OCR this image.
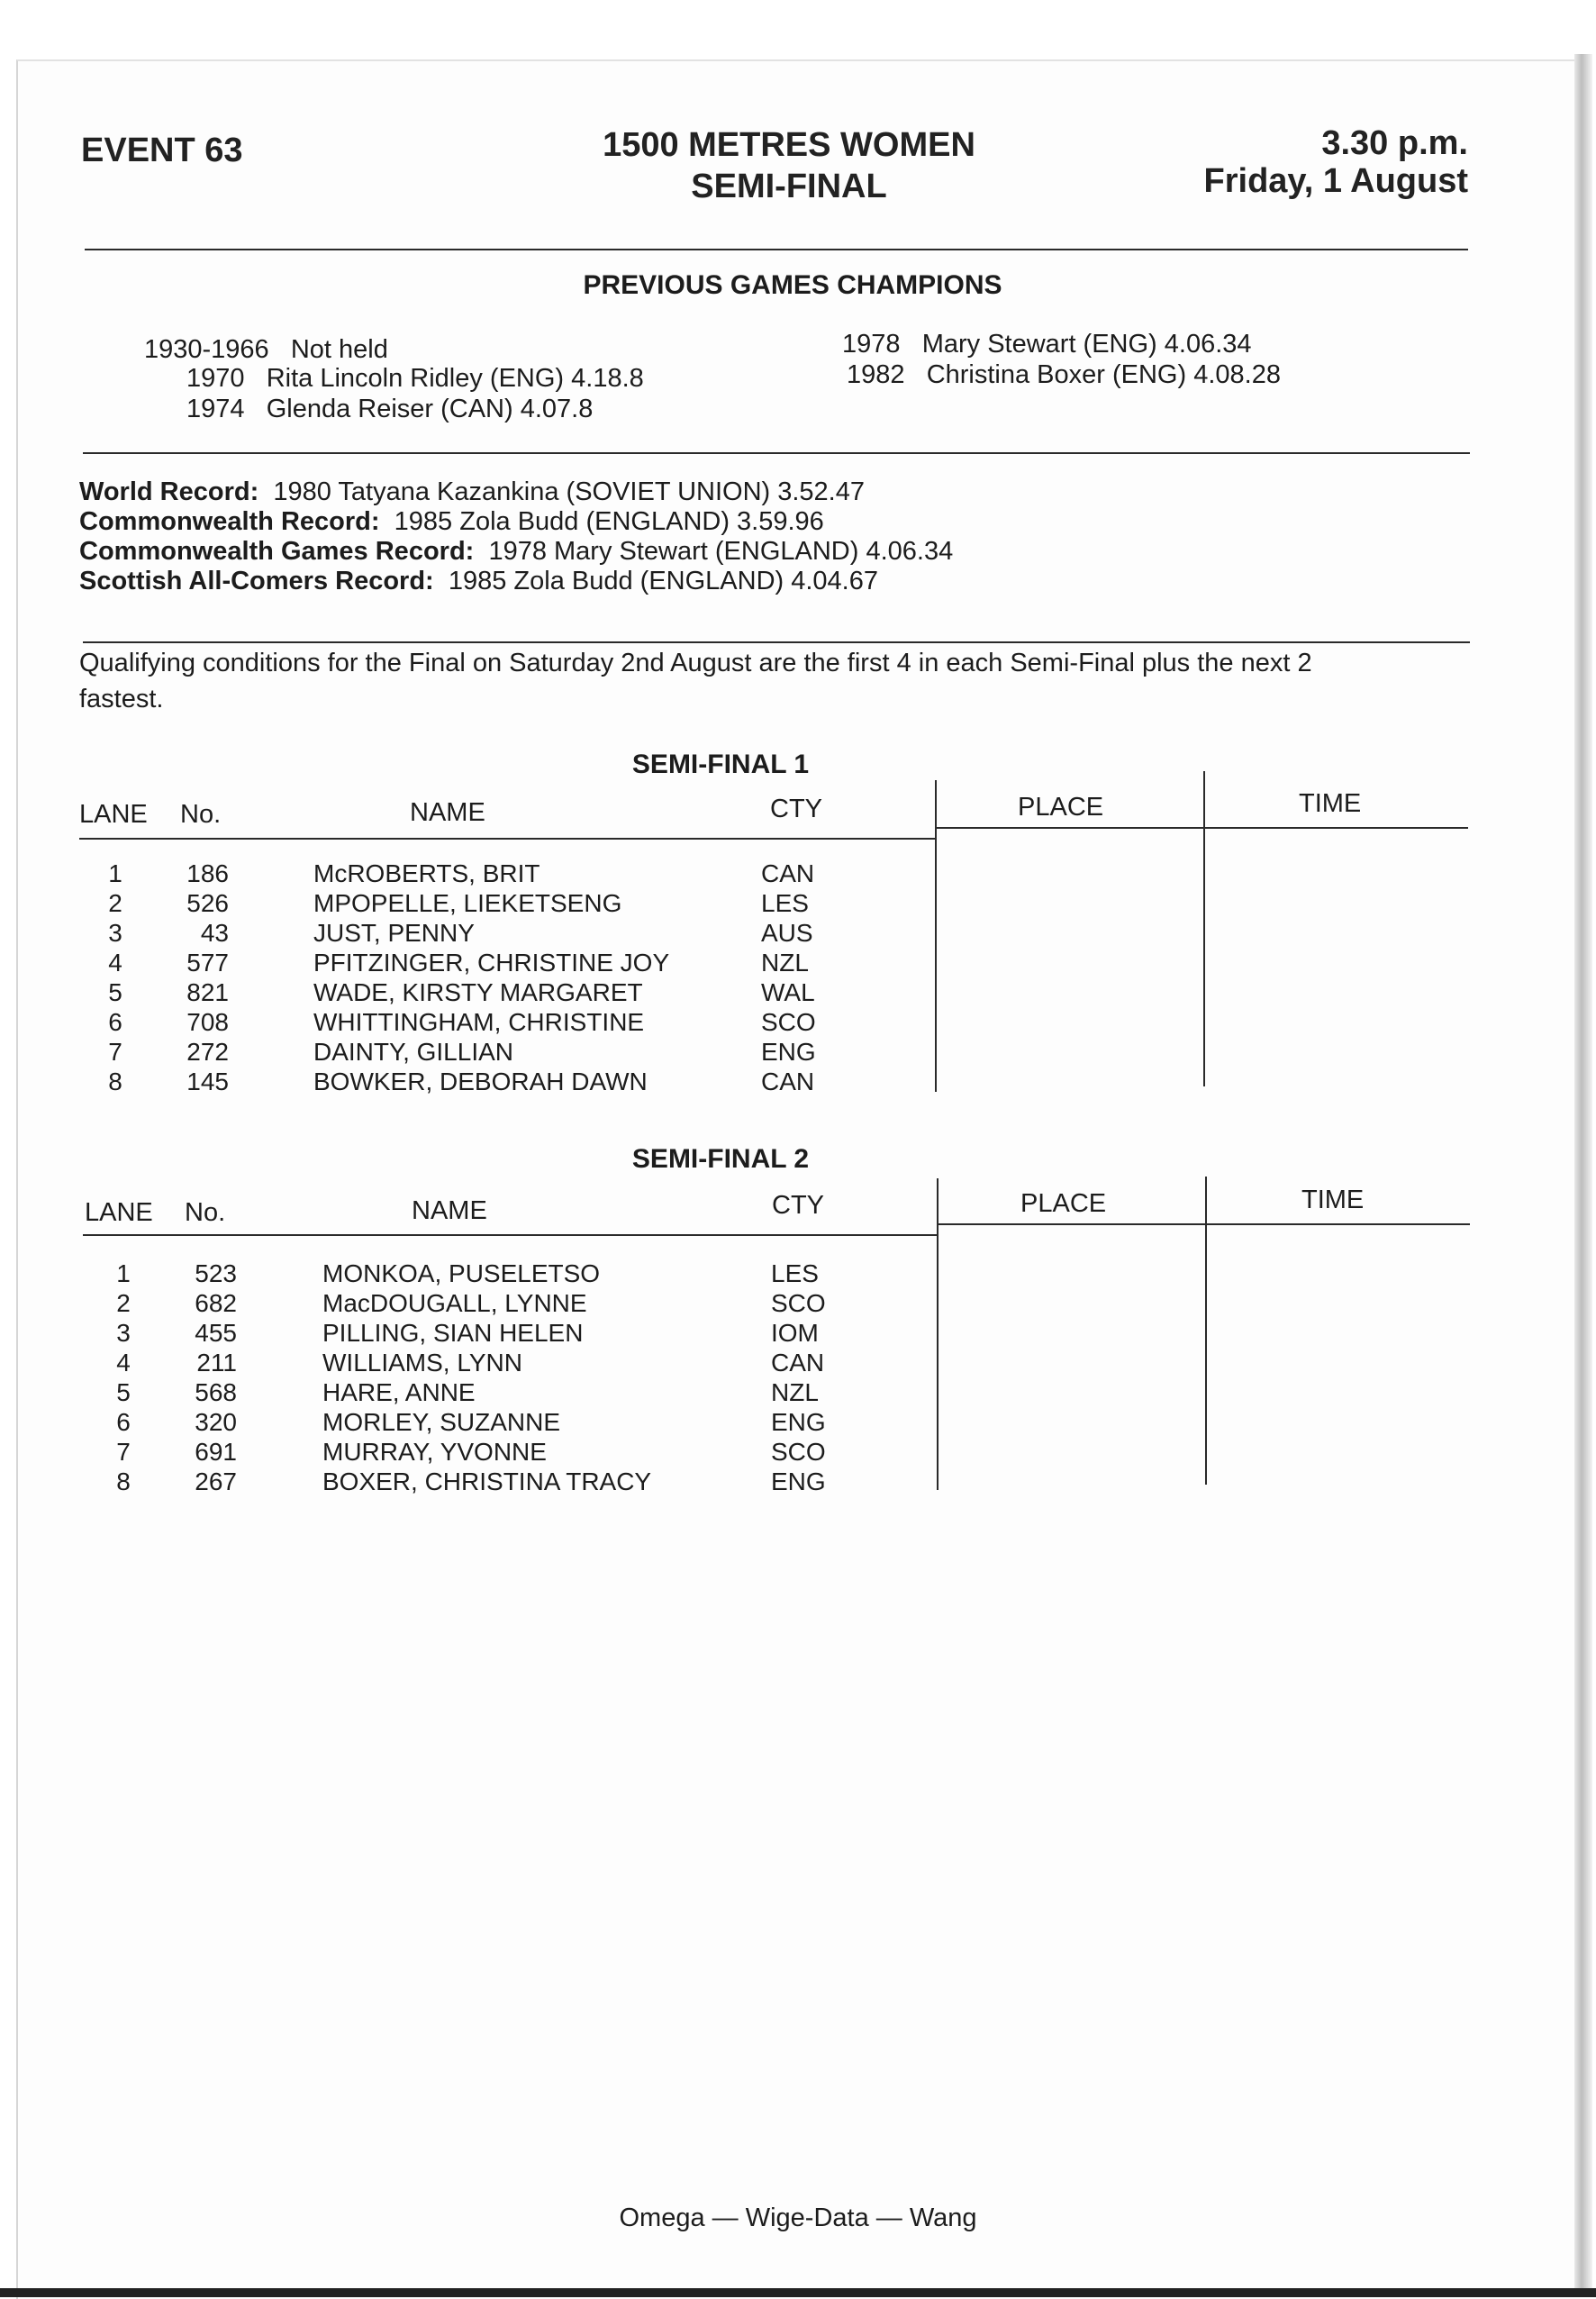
EVENT 63	1500 METRES WOMEN
SEMI-FINAL
3.30 p.m.
Friday, 1 August
PREVIOUS GAMES CHAMPIONS
1930-1966 Not held
1970 Rita Lincoln Ridley (ENG) 4.18.8
1974 Glenda Reiser (CAN) 4.07.8
1978 Mary Stewart (ENG) 4.06.34
1982 Christina Boxer (ENG) 4.08.28
World Record: 1980 Tatyana Kazankina (SOVIET UNION) 3.52.47
Commonwealth Record: 1985 Zola Budd (ENGLAND) 3.59.96
Commonwealth Games Record: 1978 Mary Stewart (ENGLAND) 4.06.34
Scottish All-Comers Record: 1985 Zola Budd (ENGLAND) 4.04.67
Qualifying conditions for the Final on Saturday 2nd August are the first 4 in each Semi-Final plus the next 2
fastest.
SEMI-FINAL 1
LANE No.	NAME	CTY	PLACE	TIME
1	186	McROBERTS, BRIT	CAN
2	526	MPOPELLE, LIEKETSENG	LES
3	43	JUST, PENNY	AUS
4	577	PFITZINGER, CHRISTINE JOY	NZL
5	821	WADE, KIRSTY MARGARET	WAL
6	708	WHITTINGHAM, CHRISTINE	SCO
7	272	DAINTY, GILLIAN	ENG
8	145	BOWKER, DEBORAH DAWN	CAN
SEMI-FINAL 2
LANE No.	NAME	CTY	PLACE	TIME
1	523	MONKOA, PUSELETSO	LES
2	682	MacDOUGALL, LYNNE	SCO
3	455	PILLING, SIAN HELEN	IOM
4	211	WILLIAMS, LYNN	CAN
5	568	HARE, ANNE	NZL
6	320	MORLEY, SUZANNE	ENG
7	691	MURRAY, YVONNE	SCO
8	267	BOXER, CHRISTINA TRACY	ENG
Omega — Wige-Data — Wang
